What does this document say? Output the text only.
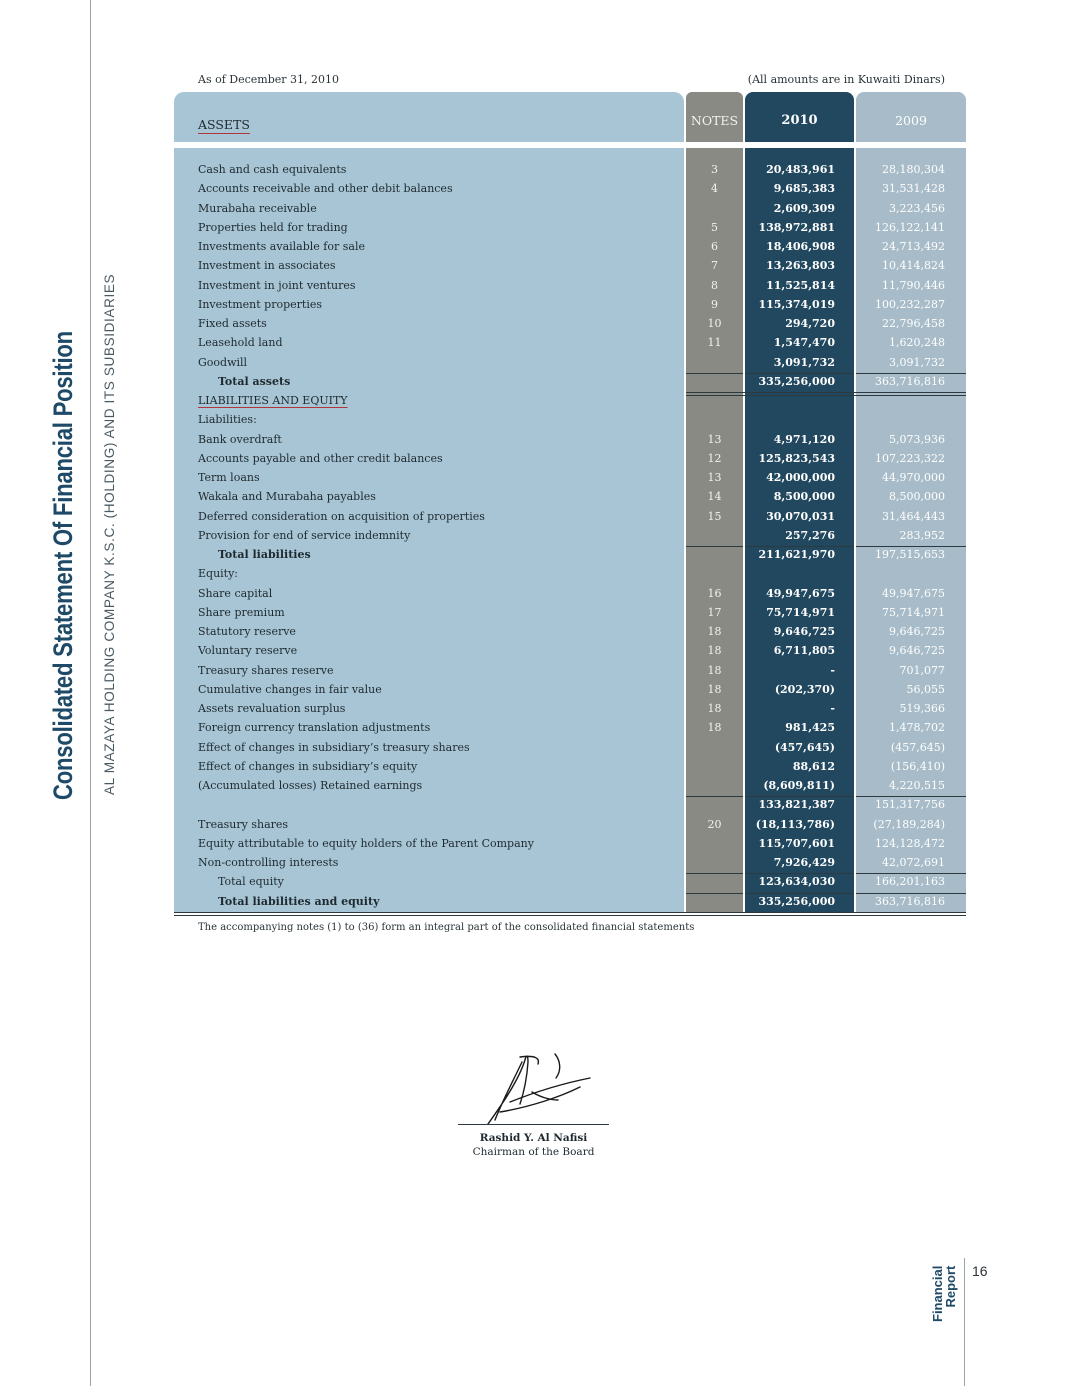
Consolidated Statement Of Financial Position AL MAZAYA HOLDING COMPANY K.S.C. (HOLDING) AND ITS SUBSIDIARIES
As of December 31, 2010	(All amounts are in Kuwaiti Dinars)
ASSETS	NOTES	2010	2009
Cash and cash equivalents	3	20,483,961	28,180,304
Accounts receivable and other debit balances	4	9,685,383	31,531,428
Murabaha receivable	2,609,309	3,223,456
Properties held for trading	5	138,972,881	126,122,141
Investments available for sale	6	18,406,908	24,713,492
Investment in associates	7	13,263,803	10,414,824
Investment in joint ventures	8	11,525,814	11,790,446
Investment properties	9	115,374,019	100,232,287
Fixed assets	10	294,720	22,796,458
Leasehold land	11	1,547,470	1,620,248
Goodwill	3,091,732	3,091,732
Total assets	335,256,000	363,716,816
LIABILITIES AND EQUITY
Liabilities:
Bank overdraft	13	4,971,120	5,073,936
Accounts payable and other credit balances	12	125,823,543	107,223,322
Term loans	13	42,000,000	44,970,000
Wakala and Murabaha payables	14	8,500,000	8,500,000
Deferred consideration on acquisition of properties	15	30,070,031	31,464,443
Provision for end of service indemnity	257,276	283,952
Total liabilities	211,621,970	197,515,653
Equity:
Share capital	16	49,947,675	49,947,675
Share premium	17	75,714,971	75,714,971
Statutory reserve	18	9,646,725	9,646,725
Voluntary reserve	18	6,711,805	9,646,725
Treasury shares reserve	18	-	701,077
Cumulative changes in fair value	18	(202,370)	56,055
Assets revaluation surplus	18	-	519,366
Foreign currency translation adjustments	18	981,425	1,478,702
Effect of changes in subsidiary’s treasury shares	(457,645)	(457,645)
Effect of changes in subsidiary’s equity	88,612	(156,410)
(Accumulated losses) Retained earnings	(8,609,811)	4,220,515
133,821,387	151,317,756
Treasury shares	20	(18,113,786)	(27,189,284)
Equity attributable to equity holders of the Parent Company	115,707,601	124,128,472
Non-controlling interests	7,926,429	42,072,691
Total equity	123,634,030	166,201,163
Total liabilities and equity	335,256,000	363,716,816
The accompanying notes (1) to (36) form an integral part of the consolidated financial statements
Rashid Y. Al Nafisi
Chairman of the Board
Financial
Report 16
